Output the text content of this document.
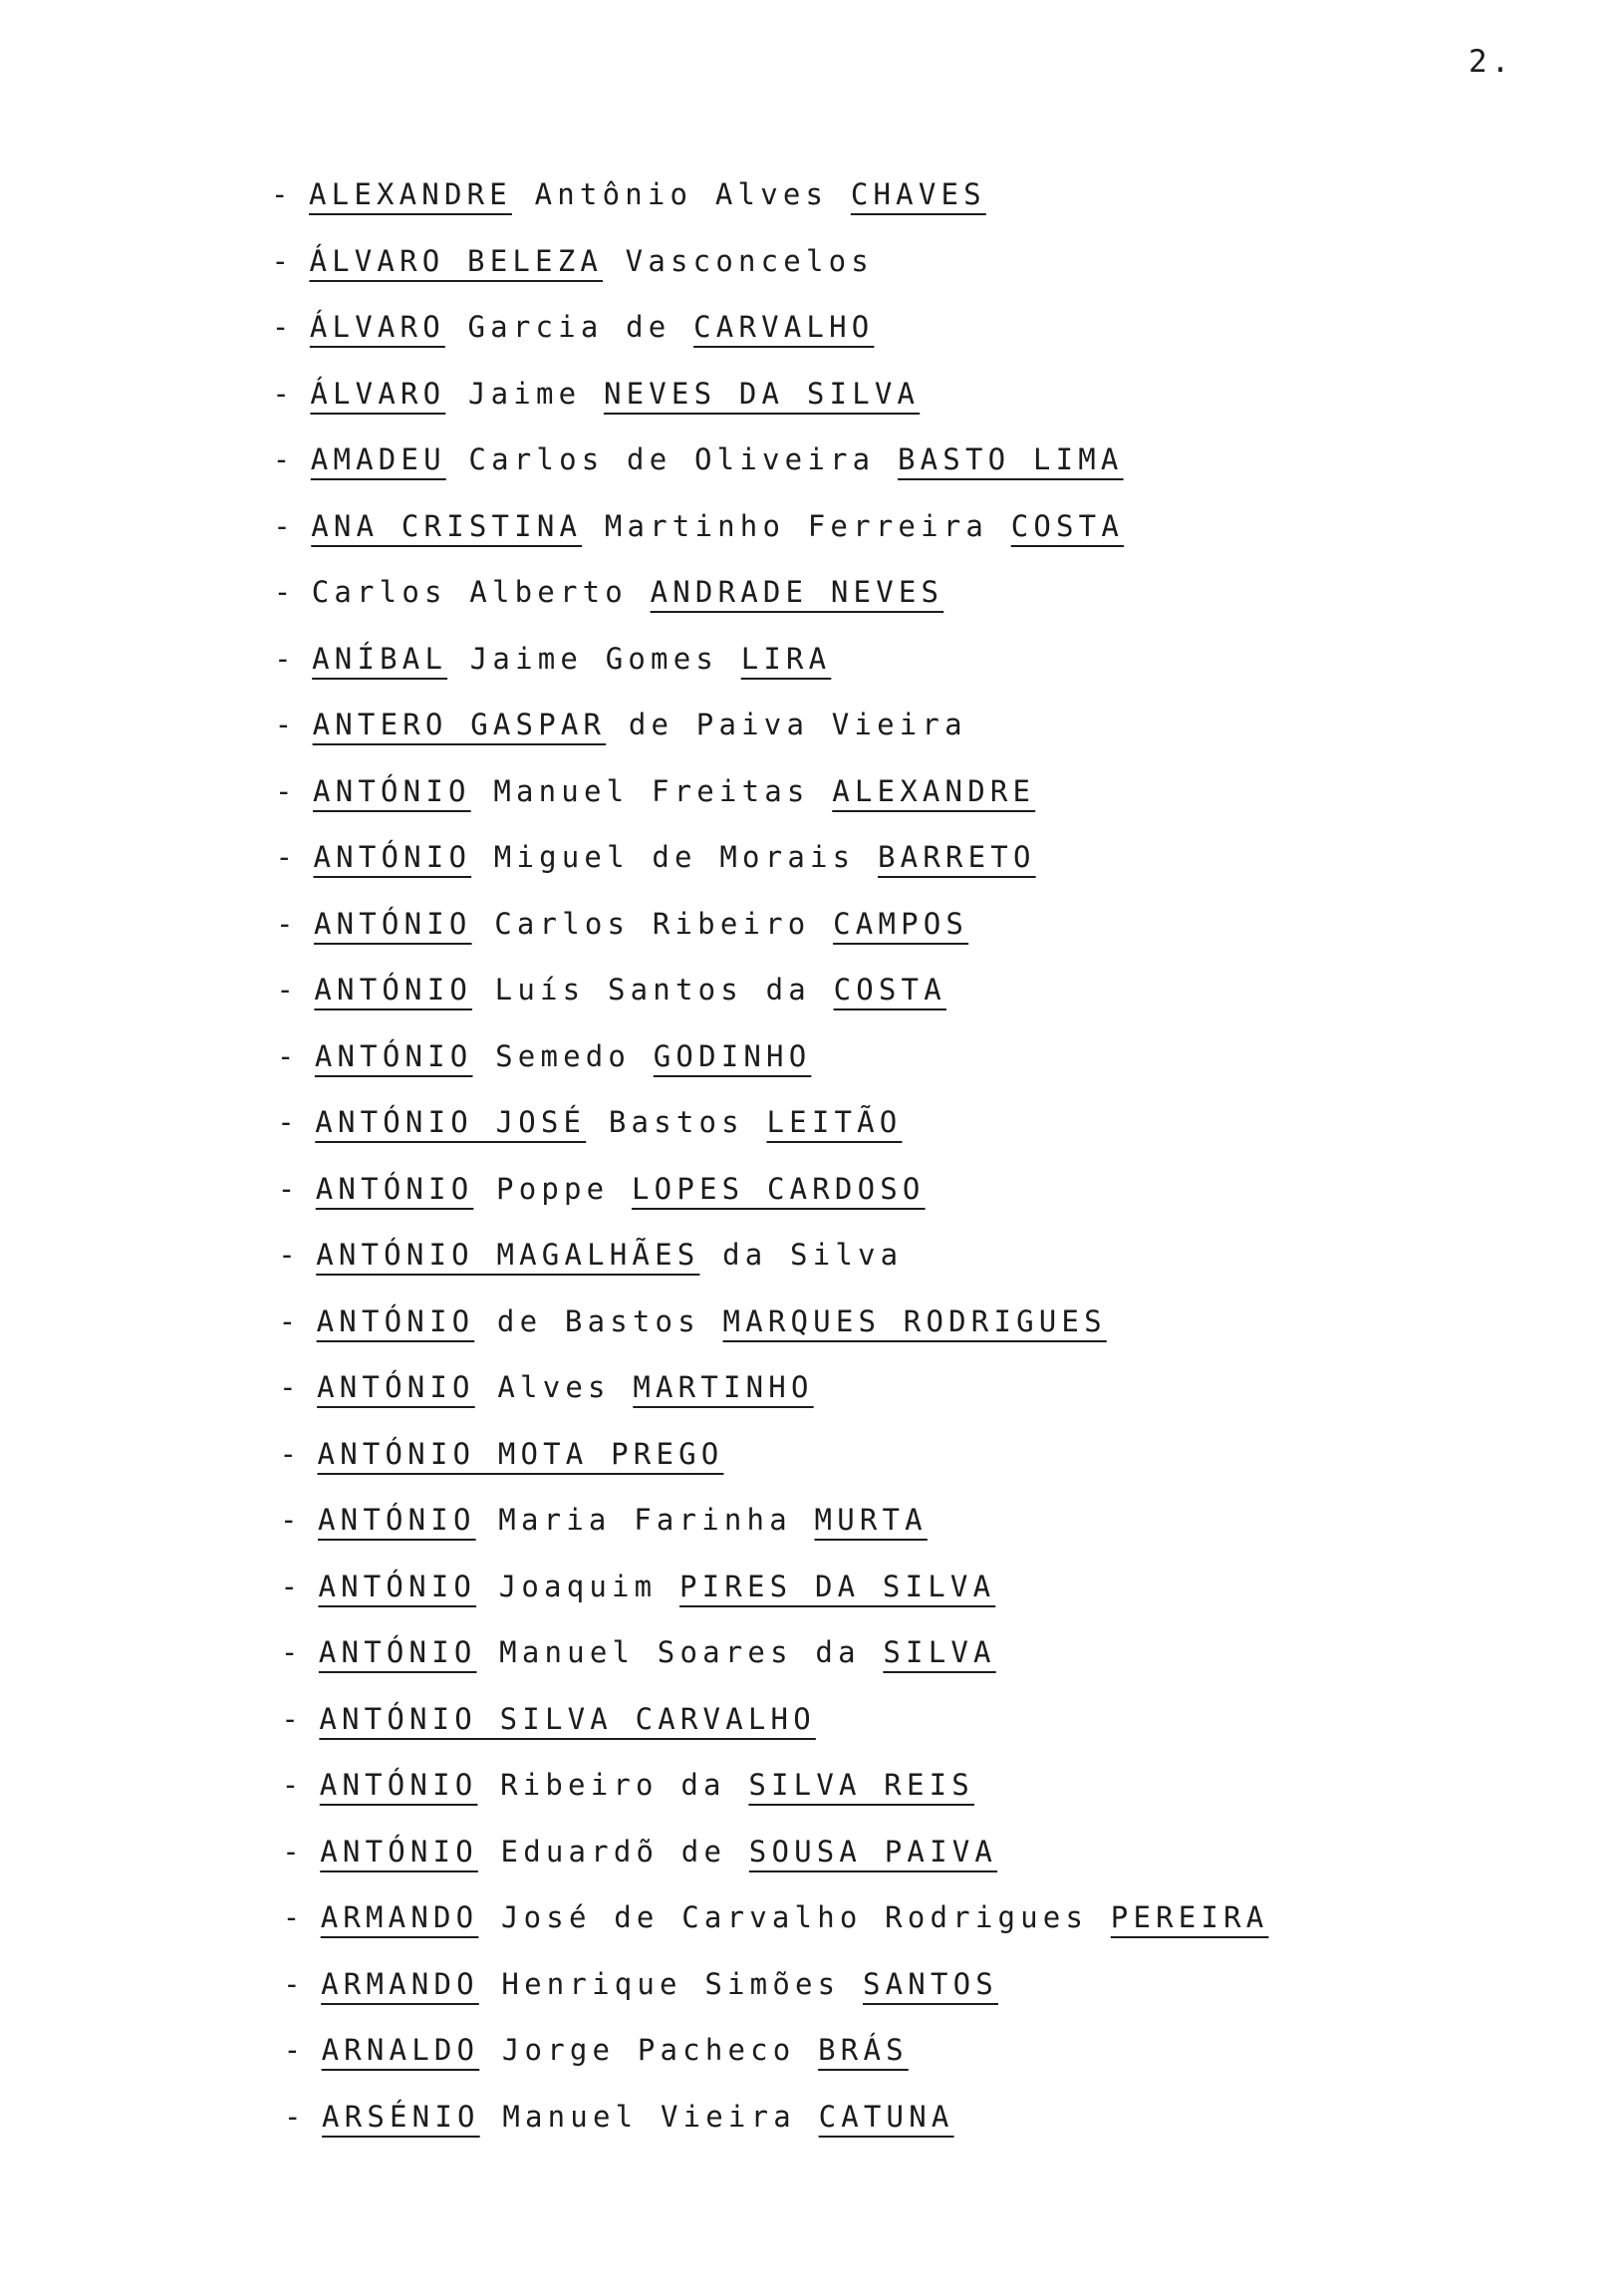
2.
- ALEXANDRE Antônio Alves CHAVES
- ÁLVARO BELEZA Vasconcelos
- ÁLVARO Garcia de CARVALHO
- ÁLVARO Jaime NEVES DA SILVA
- AMADEU Carlos de Oliveira BASTO LIMA
- ANA CRISTINA Martinho Ferreira COSTA
- Carlos Alberto ANDRADE NEVES
- ANÍBAL Jaime Gomes LIRA
- ANTERO GASPAR de Paiva Vieira
- ANTÓNIO Manuel Freitas ALEXANDRE
- ANTÓNIO Miguel de Morais BARRETO
- ANTÓNIO Carlos Ribeiro CAMPOS
- ANTÓNIO Luís Santos da COSTA
- ANTÓNIO Semedo GODINHO
- ANTÓNIO JOSÉ Bastos LEITÃO
- ANTÓNIO Poppe LOPES CARDOSO
- ANTÓNIO MAGALHÃES da Silva
- ANTÓNIO de Bastos MARQUES RODRIGUES
- ANTÓNIO Alves MARTINHO
- ANTÓNIO MOTA PREGO
- ANTÓNIO Maria Farinha MURTA
- ANTÓNIO Joaquim PIRES DA SILVA
- ANTÓNIO Manuel Soares da SILVA
- ANTÓNIO SILVA CARVALHO
- ANTÓNIO Ribeiro da SILVA REIS
- ANTÓNIO Eduardõ de SOUSA PAIVA
- ARMANDO José de Carvalho Rodrigues PEREIRA
- ARMANDO Henrique Simões SANTOS
- ARNALDO Jorge Pacheco BRÁS
- ARSÉNIO Manuel Vieira CATUNA
